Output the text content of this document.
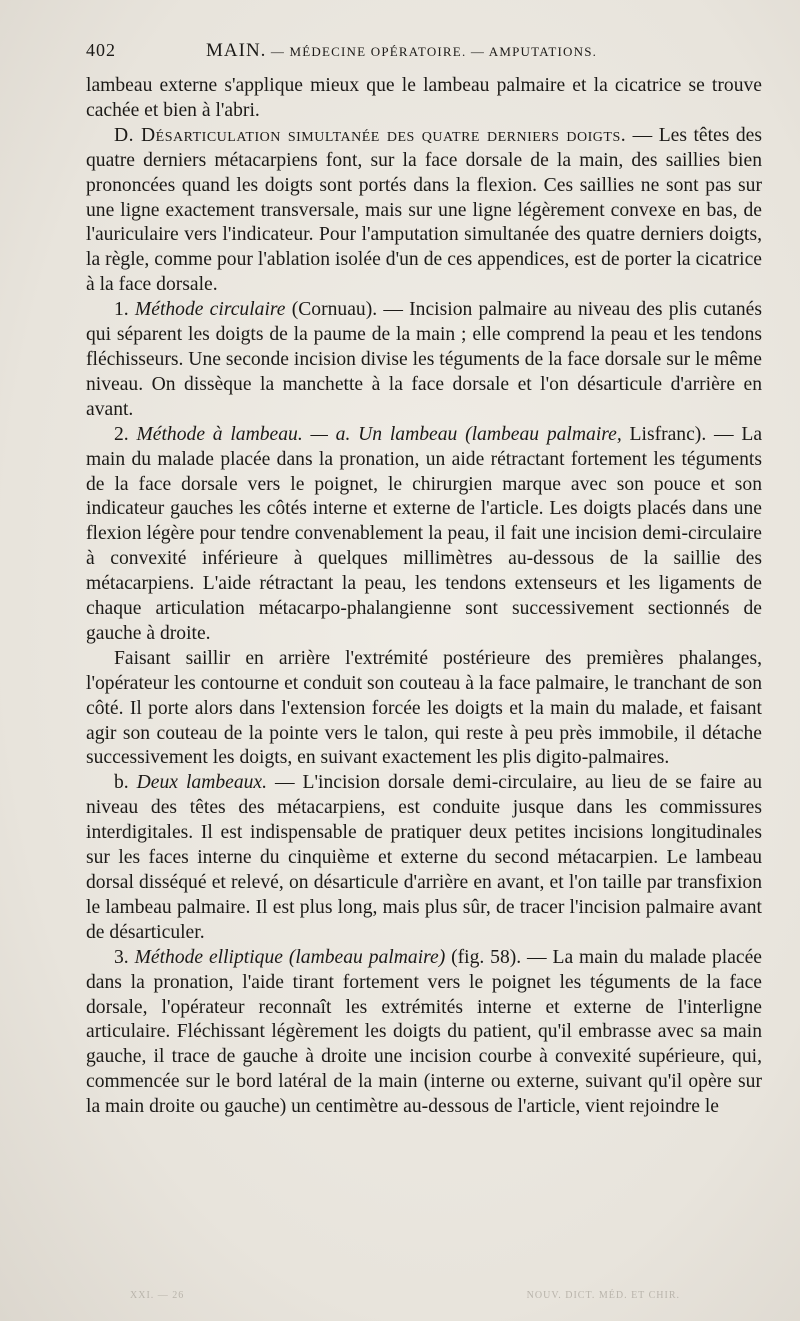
402	MAIN. — MÉDECINE OPÉRATOIRE. — AMPUTATIONS.

lambeau externe s'applique mieux que le lambeau palmaire et la cicatrice se trouve cachée et bien à l'abri.

D. Désarticulation simultanée des quatre derniers doigts. — Les têtes des quatre derniers métacarpiens font, sur la face dorsale de la main, des saillies bien prononcées quand les doigts sont portés dans la flexion. Ces saillies ne sont pas sur une ligne exactement transversale, mais sur une ligne légèrement convexe en bas, de l'auriculaire vers l'indicateur. Pour l'amputation simultanée des quatre derniers doigts, la règle, comme pour l'ablation isolée d'un de ces appendices, est de porter la cicatrice à la face dorsale.

1. Méthode circulaire (Cornuau). — Incision palmaire au niveau des plis cutanés qui séparent les doigts de la paume de la main ; elle comprend la peau et les tendons fléchisseurs. Une seconde incision divise les téguments de la face dorsale sur le même niveau. On dissèque la manchette à la face dorsale et l'on désarticule d'arrière en avant.

2. Méthode à lambeau. — a. Un lambeau (lambeau palmaire, Lisfranc). — La main du malade placée dans la pronation, un aide rétractant fortement les téguments de la face dorsale vers le poignet, le chirurgien marque avec son pouce et son indicateur gauches les côtés interne et externe de l'article. Les doigts placés dans une flexion légère pour tendre convenablement la peau, il fait une incision demi-circulaire à convexité inférieure à quelques millimètres au-dessous de la saillie des métacarpiens. L'aide rétractant la peau, les tendons extenseurs et les ligaments de chaque articulation métacarpo-phalangienne sont successivement sectionnés de gauche à droite.

Faisant saillir en arrière l'extrémité postérieure des premières phalanges, l'opérateur les contourne et conduit son couteau à la face palmaire, le tranchant de son côté. Il porte alors dans l'extension forcée les doigts et la main du malade, et faisant agir son couteau de la pointe vers le talon, qui reste à peu près immobile, il détache successivement les doigts, en suivant exactement les plis digito-palmaires.

b. Deux lambeaux. — L'incision dorsale demi-circulaire, au lieu de se faire au niveau des têtes des métacarpiens, est conduite jusque dans les commissures interdigitales. Il est indispensable de pratiquer deux petites incisions longitudinales sur les faces interne du cinquième et externe du second métacarpien. Le lambeau dorsal disséqué et relevé, on désarticule d'arrière en avant, et l'on taille par transfixion le lambeau palmaire. Il est plus long, mais plus sûr, de tracer l'incision palmaire avant de désarticuler.

3. Méthode elliptique (lambeau palmaire) (fig. 58). — La main du malade placée dans la pronation, l'aide tirant fortement vers le poignet les téguments de la face dorsale, l'opérateur reconnaît les extrémités interne et externe de l'interligne articulaire. Fléchissant légèrement les doigts du patient, qu'il embrasse avec sa main gauche, il trace de gauche à droite une incision courbe à convexité supérieure, qui, commencée sur le bord latéral de la main (interne ou externe, suivant qu'il opère sur la main droite ou gauche) un centimètre au-dessous de l'article, vient rejoindre le

XXI. — 26	NOUV. DICT. MÉD. ET CHIR.
